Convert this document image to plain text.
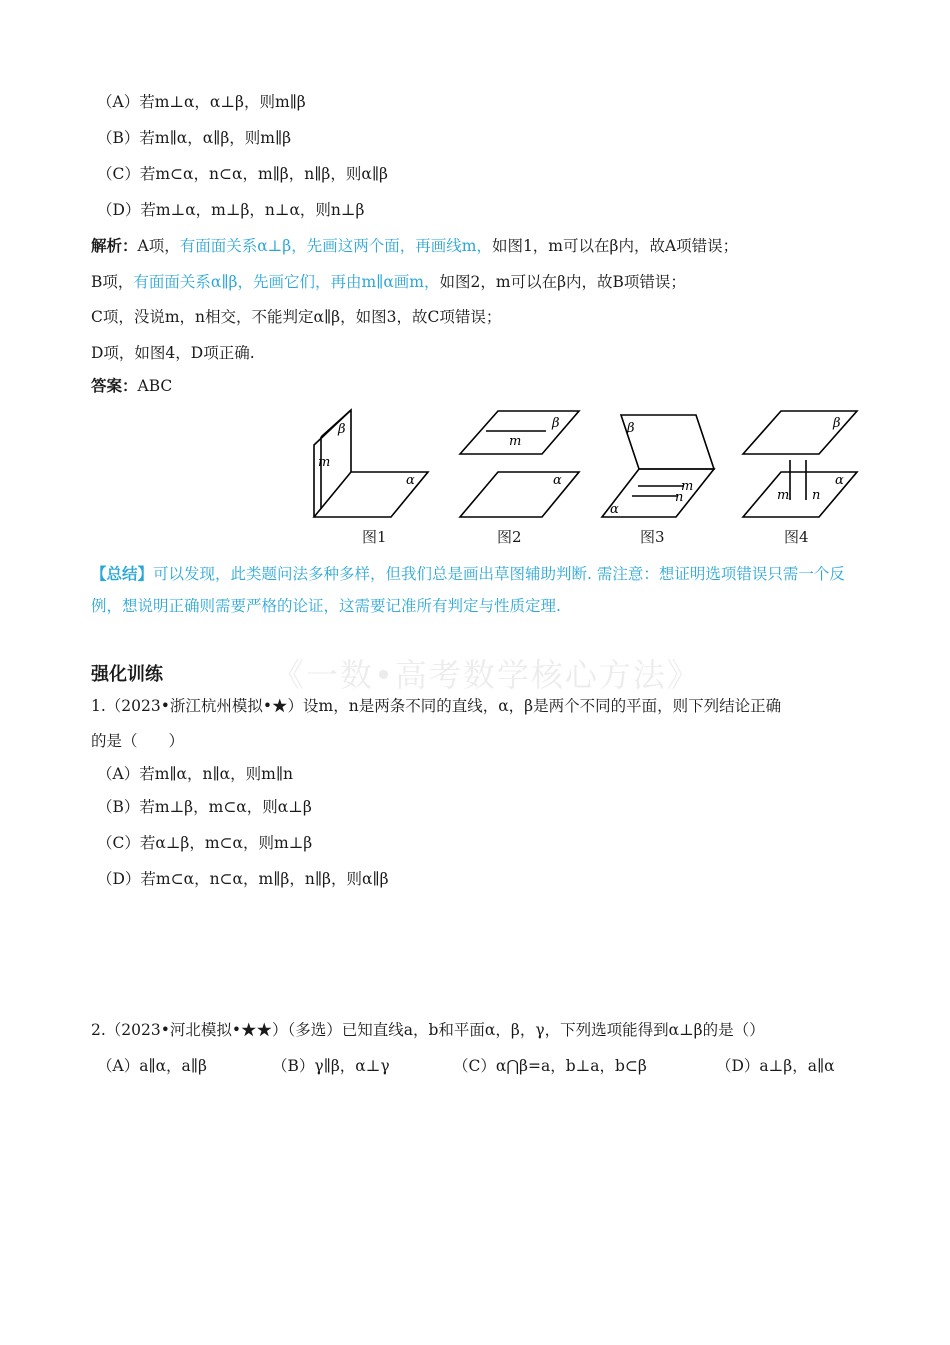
（A）若m⊥α，α⊥β，则m∥β
（B）若m∥α，α∥β，则m∥β
（C）若m⊂α，n⊂α，m∥β，n∥β，则α∥β
（D）若m⊥α，m⊥β，n⊥α，则n⊥β
解析：A项，有面面关系α⊥β，先画这两个面，再画线m，如图1，m可以在β内，故A项错误；
B项，有面面关系α∥β，先画它们，再由m∥α画m，如图2，m可以在β内，故B项错误；
C项，没说m，n相交，不能判定α∥β，如图3，故C项错误；
D项，如图4，D项正确.
答案：ABC
β
m
α
β
m
α
β
m
n
α
β
m n
α
图1	图2	图3	图4
【总结】可以发现，此类题问法多种多样，但我们总是画出草图辅助判断. 需注意：想证明选项错误只需一个反例，想说明正确则需要严格的论证，这需要记准所有判定与性质定理.
《一数•高考数学核心方法》
强化训练
1.（2023•浙江杭州模拟•★）设m，n是两条不同的直线，α，β是两个不同的平面，则下列结论正确
的是（　　）
（A）若m∥α，n∥α，则m∥n
（B）若m⊥β，m⊂α，则α⊥β
（C）若α⊥β，m⊂α，则m⊥β
（D）若m⊂α，n⊂α，m∥β，n∥β，则α∥β
2.（2023•河北模拟•★★）（多选）已知直线a，b和平面α，β，γ，下列选项能得到α⊥β的是（）
（A）a∥α，a∥β	（B）γ∥β，α⊥γ	（C）α⋂β=a，b⊥a，b⊂β	（D）a⊥β，a∥α
